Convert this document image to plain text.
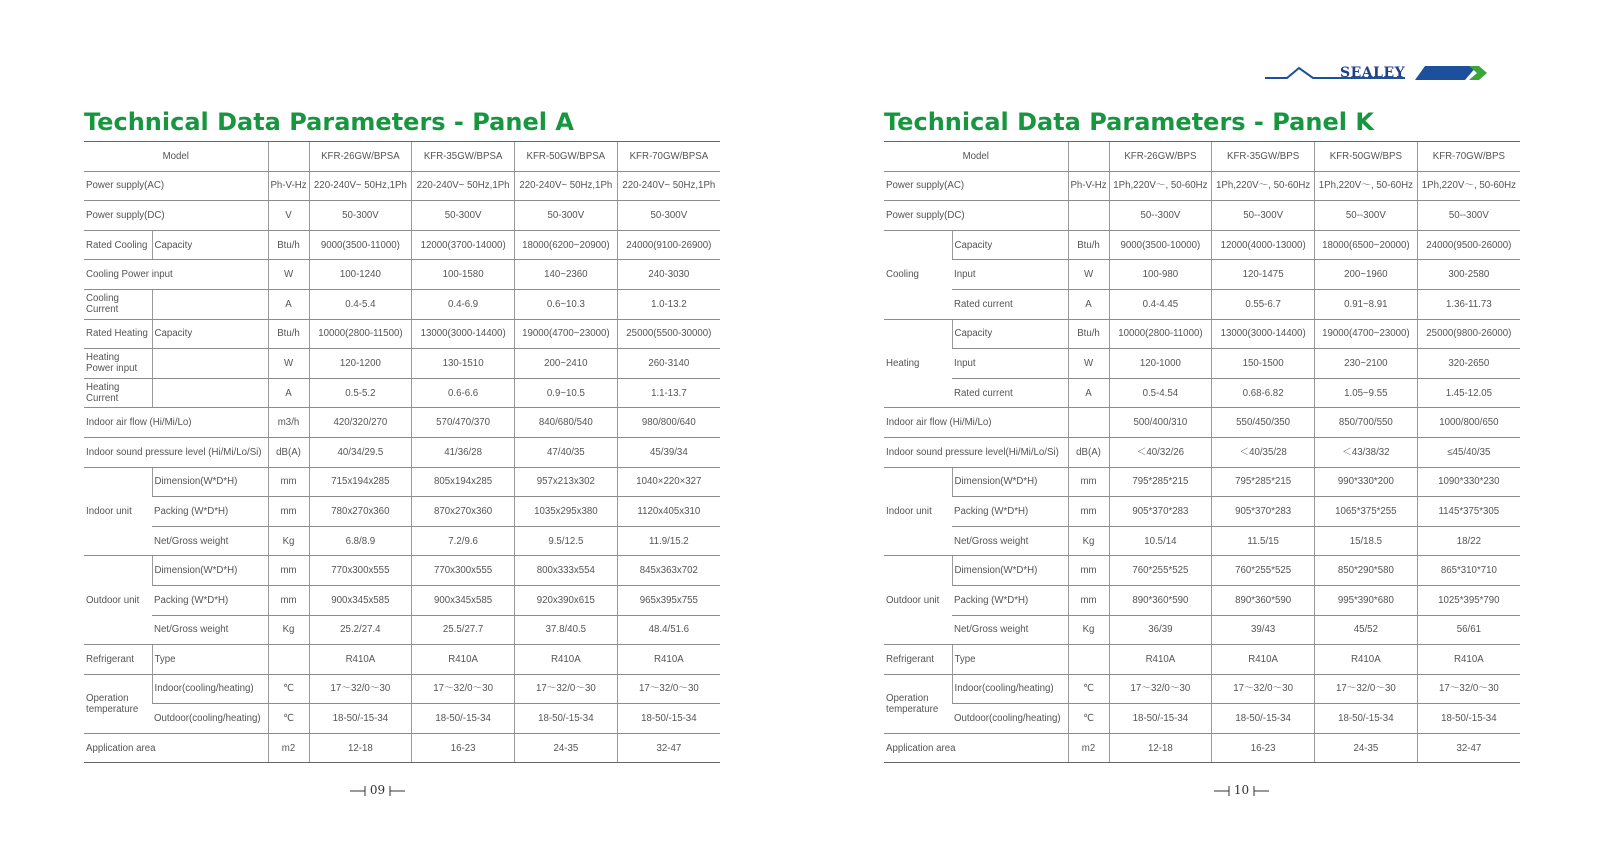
SEALEY
Technical Data Parameters - Panel A
Model			KFR-26GW/BPSA	KFR-35GW/BPSA	KFR-50GW/BPSA	KFR-70GW/BPSA
Power supply(AC)		Ph-V-Hz	220-240V~ 50Hz,1Ph	220-240V~ 50Hz,1Ph	220-240V~ 50Hz,1Ph	220-240V~ 50Hz,1Ph
Power supply(DC)		V	50-300V	50-300V	50-300V	50-300V
Rated Cooling	Capacity	Btu/h	9000(3500-11000)	12000(3700-14000)	18000(6200~20900)	24000(9100-26900)
Cooling Power input		W	100-1240	100-1580	140~2360	240-3030
Cooling Current		A	0.4-5.4	0.4-6.9	0.6~10.3	1.0-13.2
Rated Heating	Capacity	Btu/h	10000(2800-11500)	13000(3000-14400)	19000(4700~23000)	25000(5500-30000)
Heating Power input		W	120-1200	130-1510	200~2410	260-3140
Heating Current		A	0.5-5.2	0.6-6.6	0.9~10.5	1.1-13.7
Indoor air flow (Hi/Mi/Lo)		m3/h	420/320/270	570/470/370	840/680/540	980/800/640
Indoor sound pressure level (Hi/Mi/Lo/Si)		dB(A)	40/34/29.5	41/36/28	47/40/35	45/39/34
Indoor unit	Dimension(W*D*H)	mm	715x194x285	805x194x285	957x213x302	1040×220×327
	Packing (W*D*H)	mm	780x270x360	870x270x360	1035x295x380	1120x405x310
	Net/Gross weight	Kg	6.8/8.9	7.2/9.6	9.5/12.5	11.9/15.2
Outdoor unit	Dimension(W*D*H)	mm	770x300x555	770x300x555	800x333x554	845x363x702
	Packing (W*D*H)	mm	900x345x585	900x345x585	920x390x615	965x395x755
	Net/Gross weight	Kg	25.2/27.4	25.5/27.7	37.8/40.5	48.4/51.6
Refrigerant	Type		R410A	R410A	R410A	R410A
Operation temperature	Indoor(cooling/heating)	℃	17〜32/0〜30	17〜32/0〜30	17〜32/0〜30	17〜32/0〜30
	Outdoor(cooling/heating)	℃	18-50/-15-34	18-50/-15-34	18-50/-15-34	18-50/-15-34
Application area		m2	12-18	16-23	24-35	32-47
09
Technical Data Parameters - Panel K
Model			KFR-26GW/BPS	KFR-35GW/BPS	KFR-50GW/BPS	KFR-70GW/BPS
Power supply(AC)		Ph-V-Hz	1Ph,220V〜, 50-60Hz	1Ph,220V〜, 50-60Hz	1Ph,220V〜, 50-60Hz	1Ph,220V〜, 50-60Hz
Power supply(DC)			50--300V	50--300V	50--300V	50--300V
Cooling	Capacity	Btu/h	9000(3500-10000)	12000(4000-13000)	18000(6500~20000)	24000(9500-26000)
	Input	W	100-980	120-1475	200~1960	300-2580
	Rated current	A	0.4-4.45	0.55-6.7	0.91~8.91	1.36-11.73
Heating	Capacity	Btu/h	10000(2800-11000)	13000(3000-14400)	19000(4700~23000)	25000(9800-26000)
	Input	W	120-1000	150-1500	230~2100	320-2650
	Rated current	A	0.5-4.54	0.68-6.82	1.05~9.55	1.45-12.05
Indoor air flow (Hi/Mi/Lo)			500/400/310	550/450/350	850/700/550	1000/800/650
Indoor sound pressure level(Hi/Mi/Lo/Si)		dB(A)	＜40/32/26	＜40/35/28	＜43/38/32	≤45/40/35
Indoor unit	Dimension(W*D*H)	mm	795*285*215	795*285*215	990*330*200	1090*330*230
	Packing (W*D*H)	mm	905*370*283	905*370*283	1065*375*255	1145*375*305
	Net/Gross weight	Kg	10.5/14	11.5/15	15/18.5	18/22
Outdoor unit	Dimension(W*D*H)	mm	760*255*525	760*255*525	850*290*580	865*310*710
	Packing (W*D*H)	mm	890*360*590	890*360*590	995*390*680	1025*395*790
	Net/Gross weight	Kg	36/39	39/43	45/52	56/61
Refrigerant	Type		R410A	R410A	R410A	R410A
Operation temperature	Indoor(cooling/heating)	℃	17〜32/0〜30	17〜32/0〜30	17〜32/0〜30	17〜32/0〜30
	Outdoor(cooling/heating)	℃	18-50/-15-34	18-50/-15-34	18-50/-15-34	18-50/-15-34
Application area		m2	12-18	16-23	24-35	32-47
10
